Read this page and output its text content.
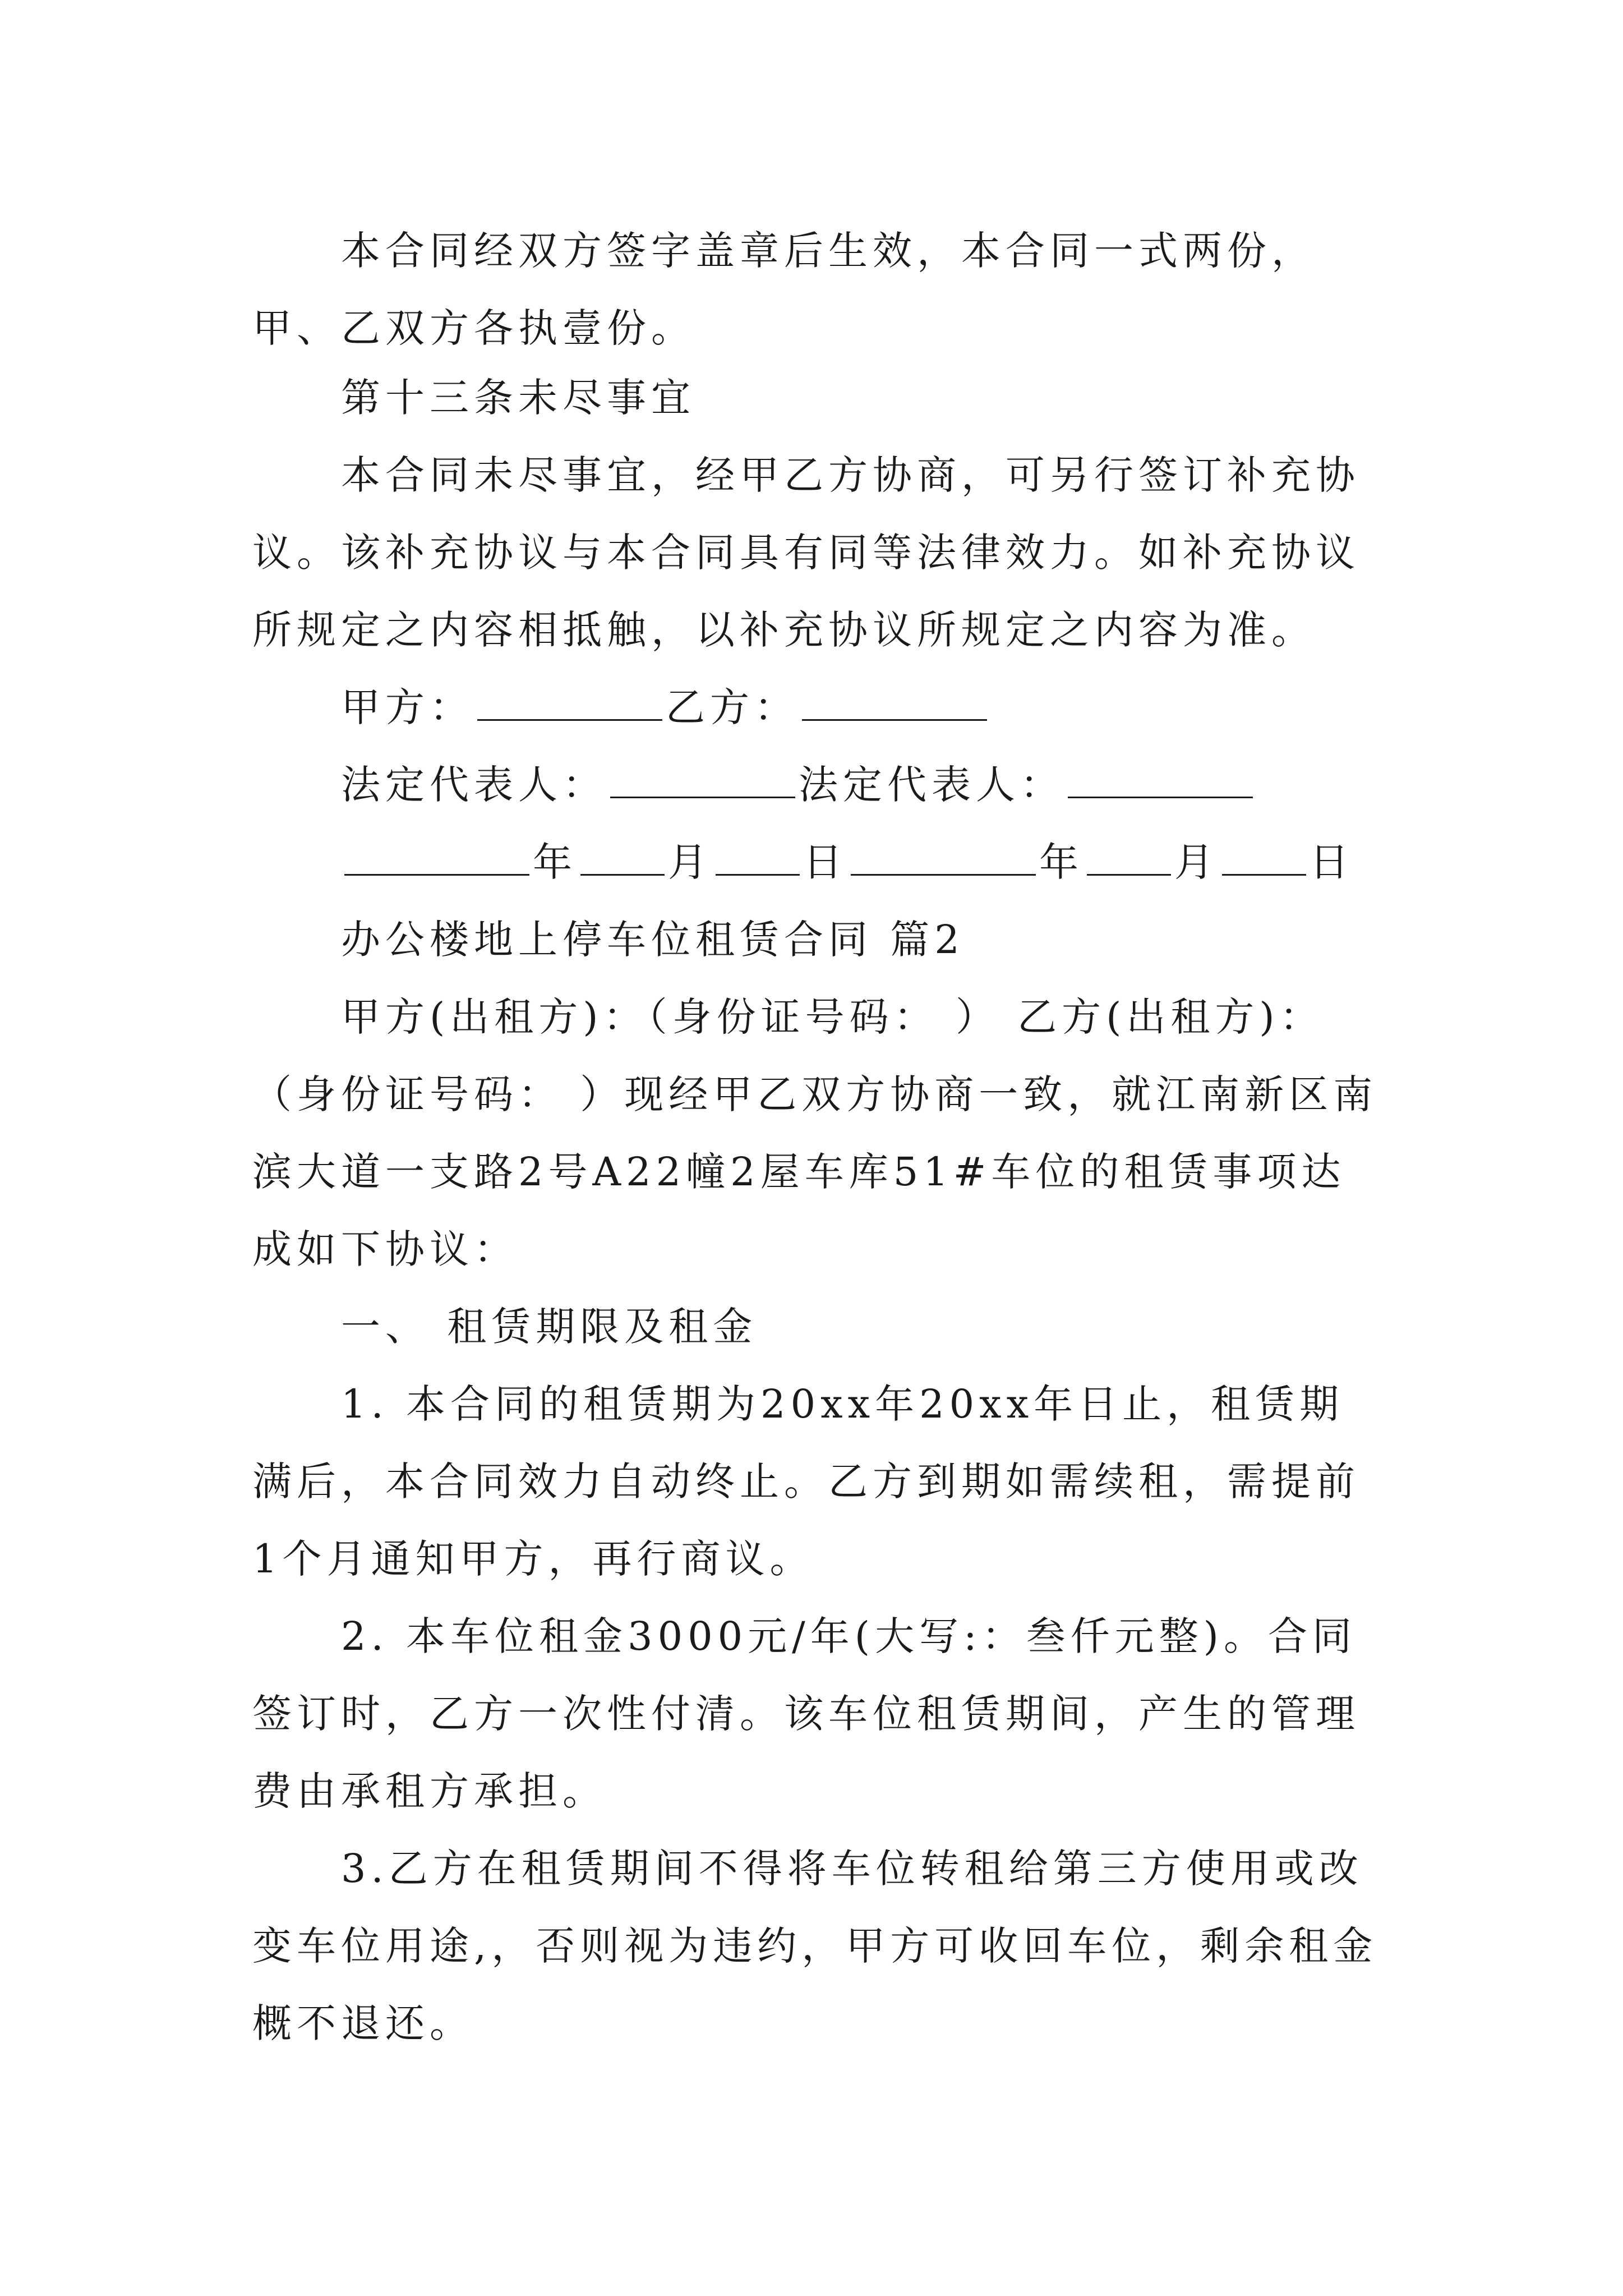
本合同经双方签字盖章后生效，本合同一式两份，甲、乙双方各执壹份。

第十三条未尽事宜

本合同未尽事宜，经甲乙方协商，可另行签订补充协议。该补充协议与本合同具有同等法律效力。如补充协议所规定之内容相抵触，以补充协议所规定之内容为准。

甲方：	乙方：
法定代表人：	法定代表人：
年 月 日	年 月 日

办公楼地上停车位租赁合同 篇2

甲方(出租方)：（身份证号码： ） 乙方(出租方)：（身份证号码： ）现经甲乙双方协商一致，就江南新区南滨大道一支路2号A22幢2屋车库51#车位的租赁事项达成如下协议：

一、 租赁期限及租金

1. 本合同的租赁期为20xx年20xx年日止，租赁期满后，本合同效力自动终止。乙方到期如需续租，需提前1个月通知甲方，再行商议。

2. 本车位租金3000元/年(大写:：叁仟元整)。合同签订时，乙方一次性付清。该车位租赁期间，产生的管理费由承租方承担。

3.乙方在租赁期间不得将车位转租给第三方使用或改变车位用途,，否则视为违约，甲方可收回车位，剩余租金概不退还。
